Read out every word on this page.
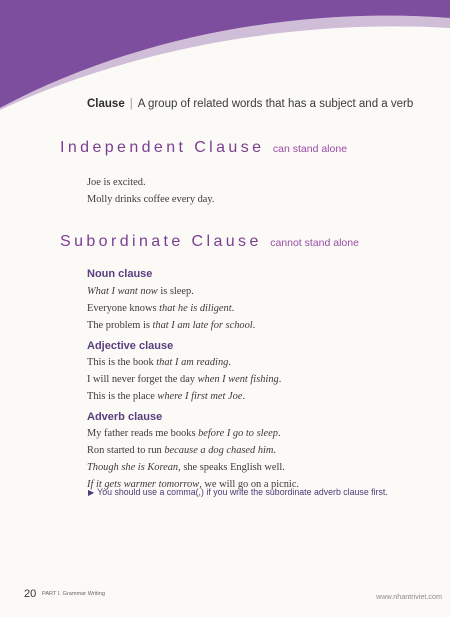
Clause | A group of related words that has a subject and a verb
Independent Clause can stand alone
Joe is excited.
Molly drinks coffee every day.
Subordinate Clause cannot stand alone
Noun clause
What I want now is sleep.
Everyone knows that he is diligent.
The problem is that I am late for school.
Adjective clause
This is the book that I am reading.
I will never forget the day when I went fishing.
This is the place where I first met Joe.
Adverb clause
My father reads me books before I go to sleep.
Ron started to run because a dog chased him.
Though she is Korean, she speaks English well.
If it gets warmer tomorrow, we will go on a picnic.
▶ You should use a comma(,) if you write the subordinate adverb clause first.
20 PART I. Grammar Writing	www.nhantriviet.com
